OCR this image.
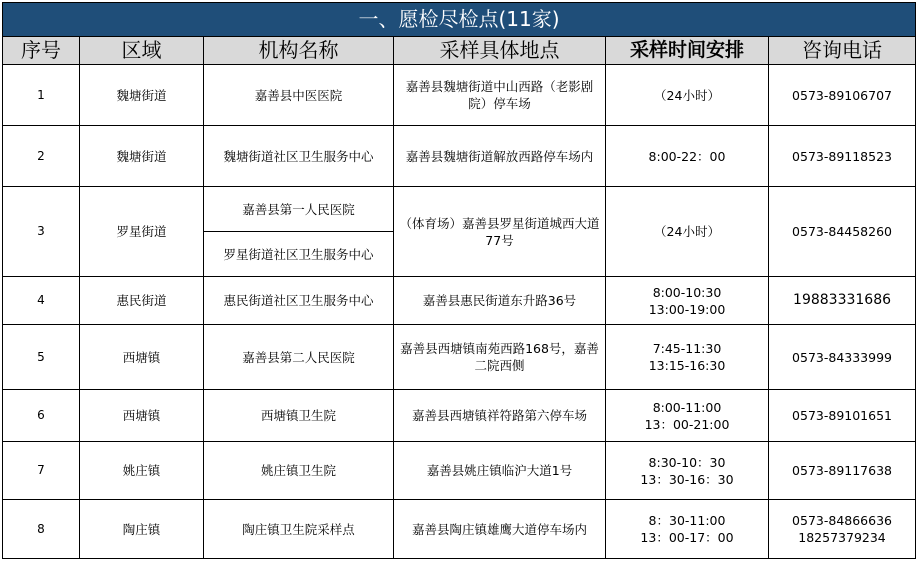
一、愿检尽检点(11家)					
序号	区域	机构名称	采样具体地点	采样时间安排	咨询电话
1	魏塘街道	嘉善县中医医院	嘉善县魏塘街道中山西路（老影剧院）停车场	（24小时）	0573-89106707

2	魏塘街道	魏塘街道社区卫生服务中心	嘉善县魏塘街道解放西路停车场内	8:00-22：00	0573-89118523

3	罗星街道	嘉善县第一人民医院	（体育场）嘉善县罗星街道城西大道77号	（24小时）	0573-84458260

		罗星街道社区卫生服务中心			
4	惠民街道	惠民街道社区卫生服务中心	嘉善县惠民街道东升路36号	8:00-10:30
13:00-19:00	19883331686

5	西塘镇	嘉善县第二人民医院	嘉善县西塘镇南苑西路168号，嘉善二院西侧	7:45-11:30
13:15-16:30	0573-84333999

6	西塘镇	西塘镇卫生院	嘉善县西塘镇祥符路第六停车场	8:00-11:00
13：00-21:00	0573-89101651

7	姚庄镇	姚庄镇卫生院	嘉善县姚庄镇临沪大道1号	8:30-10：30
13：30-16：30	0573-89117638

8	陶庄镇	陶庄镇卫生院采样点	嘉善县陶庄镇雄鹰大道停车场内	8：30-11:00
13：00-17：00	0573-84866636
18257379234
